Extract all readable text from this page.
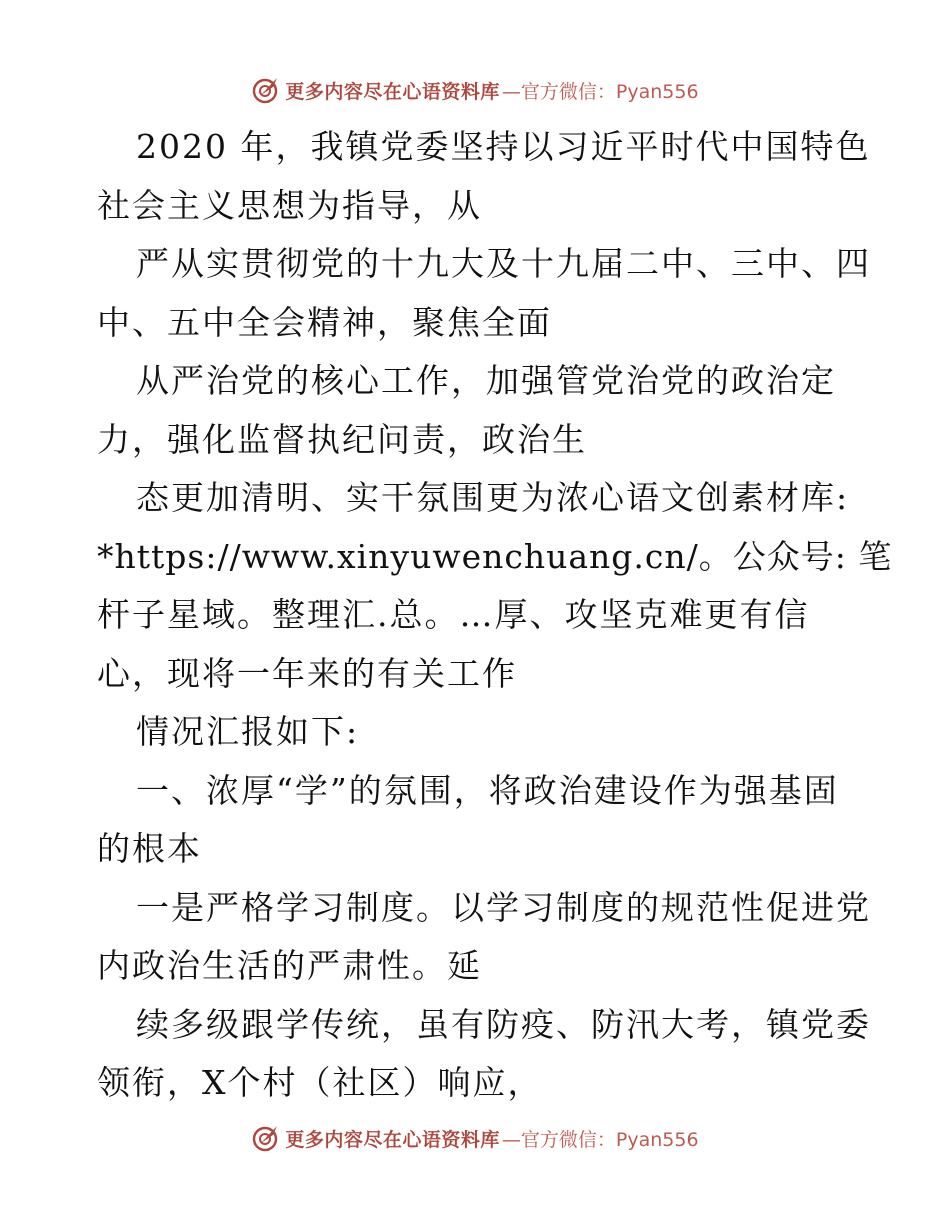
更多内容尽在心语资料库 —官方微信：Pyan556
2020 年，我镇党委坚持以习近平时代中国特色
社会主义思想为指导，从
严从实贯彻党的十九大及十九届二中、三中、四
中、五中全会精神，聚焦全面
从严治党的核心工作，加强管党治党的政治定
力，强化监督执纪问责，政治生
态更加清明、实干氛围更为浓心语文创素材库:
*https://www.xinyuwenchuang.cn/。公众号: 笔
杆子星域。整理汇.总。…厚、攻坚克难更有信
心，现将一年来的有关工作
情况汇报如下:
一、浓厚“学”的氛围，将政治建设作为强基固
的根本
一是严格学习制度。以学习制度的规范性促进党
内政治生活的严肃性。延
续多级跟学传统，虽有防疫、防汛大考，镇党委
领衔，X个村（社区）响应，
更多内容尽在心语资料库 —官方微信：Pyan556
